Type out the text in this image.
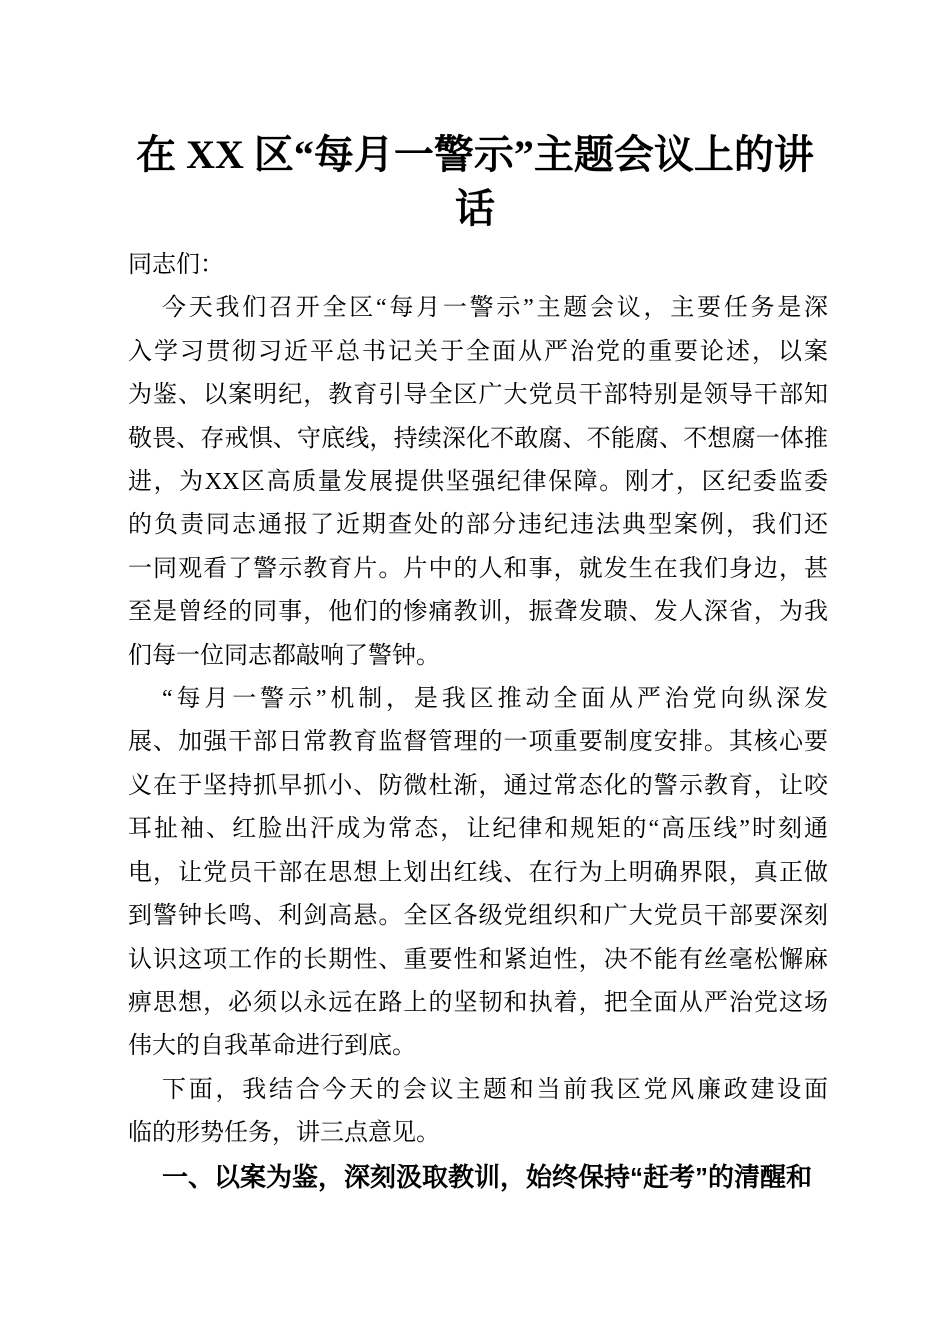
在 XX 区“每月一警示”主题会议上的讲
话
同志们：
今天我们召开全区“每月一警示”主题会议，主要任务是深
入学习贯彻习近平总书记关于全面从严治党的重要论述，以案
为鉴、以案明纪，教育引导全区广大党员干部特别是领导干部知
敬畏、存戒惧、守底线，持续深化不敢腐、不能腐、不想腐一体推
进，为XX区高质量发展提供坚强纪律保障。刚才，区纪委监委
的负责同志通报了近期查处的部分违纪违法典型案例，我们还
一同观看了警示教育片。片中的人和事，就发生在我们身边，甚
至是曾经的同事，他们的惨痛教训，振聋发聩、发人深省，为我
们每一位同志都敲响了警钟。
“每月一警示”机制，是我区推动全面从严治党向纵深发
展、加强干部日常教育监督管理的一项重要制度安排。其核心要
义在于坚持抓早抓小、防微杜渐，通过常态化的警示教育，让咬
耳扯袖、红脸出汗成为常态，让纪律和规矩的“高压线”时刻通
电，让党员干部在思想上划出红线、在行为上明确界限，真正做
到警钟长鸣、利剑高悬。全区各级党组织和广大党员干部要深刻
认识这项工作的长期性、重要性和紧迫性，决不能有丝毫松懈麻
痹思想，必须以永远在路上的坚韧和执着，把全面从严治党这场
伟大的自我革命进行到底。
下面，我结合今天的会议主题和当前我区党风廉政建设面
临的形势任务，讲三点意见。
一、以案为鉴，深刻汲取教训，始终保持“赶考”的清醒和
